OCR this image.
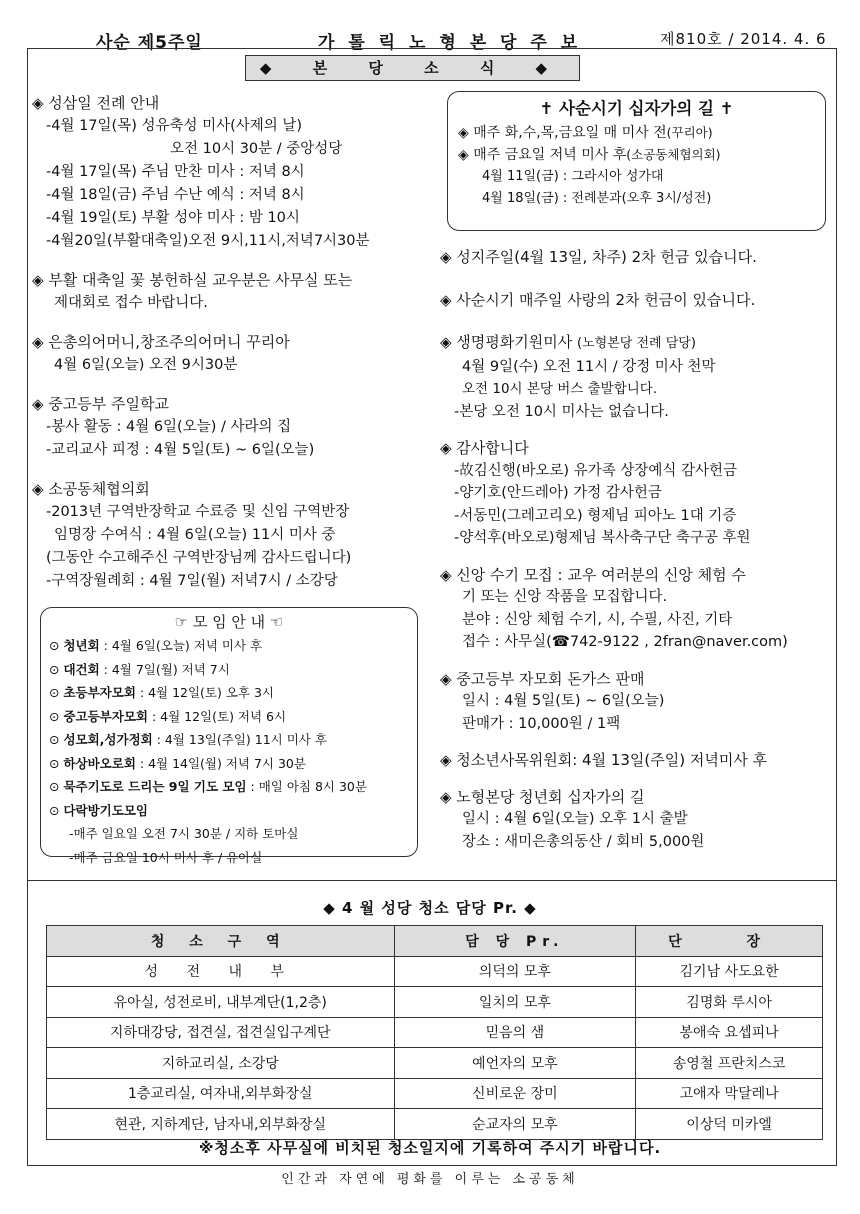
사순 제5주일	가 톨 릭 노 형 본 당 주 보	제810호 / 2014. 4. 6
◆ 본 당 소 식 ◆
◈ 성삼일 전례 안내
-4월 17일(목) 성유축성 미사(사제의 날)
오전 10시 30분 / 중앙성당
-4월 17일(목) 주님 만찬 미사 : 저녁 8시
-4월 18일(금) 주님 수난 예식 : 저녁 8시
-4월 19일(토) 부활 성야 미사 : 밤 10시
-4월20일(부활대축일)오전 9시,11시,저녁7시30분
◈ 부활 대축일 꽃 봉헌하실 교우분은 사무실 또는
제대회로 접수 바랍니다.
◈ 은총의어머니,창조주의어머니 꾸리아
4월 6일(오늘) 오전 9시30분
◈ 중고등부 주일학교
-봉사 활동 : 4월 6일(오늘) / 사라의 집
-교리교사 피정 : 4월 5일(토) ~ 6일(오늘)
◈ 소공동체협의회
-2013년 구역반장학교 수료증 및 신임 구역반장
임명장 수여식 : 4월 6일(오늘) 11시 미사 중
(그동안 수고해주신 구역반장님께 감사드립니다)
-구역장월례회 : 4월 7일(월) 저녁7시 / 소강당
☞ 모 임 안 내 ☜
⊙ 청년회 : 4월 6일(오늘) 저녁 미사 후
⊙ 대건회 : 4월 7일(월) 저녁 7시
⊙ 초등부자모회 : 4월 12일(토) 오후 3시
⊙ 중고등부자모회 : 4월 12일(토) 저녁 6시
⊙ 성모회,성가정회 : 4월 13일(주일) 11시 미사 후
⊙ 하상바오로회 : 4월 14일(월) 저녁 7시 30분
⊙ 묵주기도로 드리는 9일 기도 모임 : 매일 아침 8시 30분
⊙ 다락방기도모임
-매주 일요일 오전 7시 30분 / 지하 토마실
-매주 금요일 10시 미사 후 / 유아실
✝ 사순시기 십자가의 길 ✝
◈ 매주 화,수,목,금요일 매 미사 전(꾸리아)
◈ 매주 금요일 저녁 미사 후(소공동체협의회)
4월 11일(금) : 그라시아 성가대
4월 18일(금) : 전례분과(오후 3시/성전)
◈ 성지주일(4월 13일, 차주) 2차 헌금 있습니다.
◈ 사순시기 매주일 사랑의 2차 헌금이 있습니다.
◈ 생명평화기원미사 (노형본당 전례 담당)
4월 9일(수) 오전 11시 / 강정 미사 천막
오전 10시 본당 버스 출발합니다.
-본당 오전 10시 미사는 없습니다.
◈ 감사합니다
-故김신행(바오로) 유가족 상장예식 감사헌금
-양기호(안드레아) 가정 감사헌금
-서동민(그레고리오) 형제님 피아노 1대 기증
-양석후(바오로)형제님 복사축구단 축구공 후원
◈ 신앙 수기 모집 : 교우 여러분의 신앙 체험 수
기 또는 신앙 작품을 모집합니다.
분야 : 신앙 체험 수기, 시, 수필, 사진, 기타
접수 : 사무실(☎742-9122 , 2fran@naver.com)
◈ 중고등부 자모회 돈가스 판매
일시 : 4월 5일(토) ~ 6일(오늘)
판매가 : 10,000원 / 1팩
◈ 청소년사목위원회: 4월 13일(주일) 저녁미사 후
◈ 노형본당 청년회 십자가의 길
일시 : 4월 6일(오늘) 오후 1시 출발
장소 : 새미은총의동산 / 회비 5,000원
◆ 4 월 성당 청소 담당 Pr. ◆
청 소 구 역	담 당 Pr.	단 장
성 전 내 부	의덕의 모후	김기남 사도요한
유아실, 성전로비, 내부계단(1,2층)	일치의 모후	김명화 루시아
지하대강당, 접견실, 접견실입구계단	믿음의 샘	봉애숙 요셉피나
지하교리실, 소강당	예언자의 모후	송영철 프란치스코
1층교리실, 여자내,외부화장실	신비로운 장미	고애자 막달레나
현관, 지하계단, 남자내,외부화장실	순교자의 모후	이상덕 미카엘
※청소후 사무실에 비치된 청소일지에 기록하여 주시기 바랍니다.
인간과 자연에 평화를 이루는 소공동체
